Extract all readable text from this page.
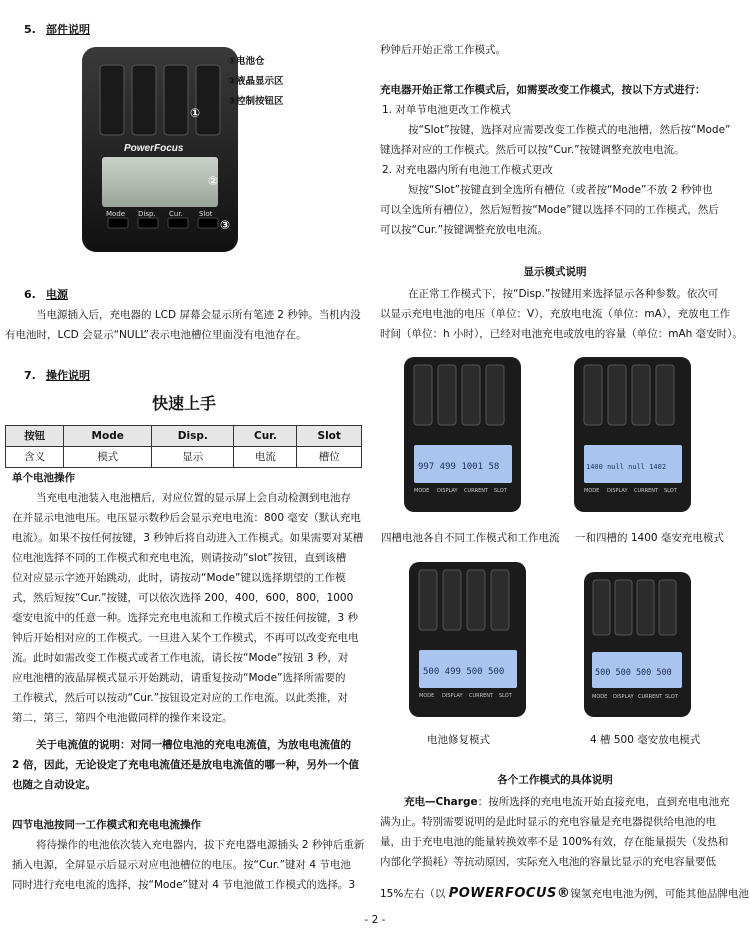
5. 部件说明
PowerFocus
Mode Disp. Cur. Slot
①
②
③
①电池仓
②液晶显示区
③控制按钮区
6. 电源
当电源插入后，充电器的 LCD 屏幕会显示所有笔迹 2 秒钟。当机内没
有电池时，LCD 会显示“NULL”表示电池槽位里面没有电池存在。
7. 操作说明
快速上手
按钮	Mode	Disp.	Cur.	Slot
含义	模式	显示	电流	槽位
单个电池操作
当充电电池装入电池槽后，对应位置的显示屏上会自动检测到电池存
在并显示电池电压。电压显示数秒后会显示充电电流：800 毫安（默认充电
电流）。如果不按任何按键，3 秒钟后将自动进入工作模式。如果需要对某槽
位电池选择不同的工作模式和充电电流，则请按动“slot”按钮，直到该槽
位对应显示字迹开始跳动，此时，请按动“Mode”键以选择期望的工作模
式，然后短按“Cur.”按键，可以依次选择 200，400，600，800，1000
毫安电流中的任意一种。选择完充电电流和工作模式后不按任何按键，3 秒
钟后开始相对应的工作模式。一旦进入某个工作模式，不再可以改变充电电
流。此时如需改变工作模式或者工作电流，请长按“Mode”按钮 3 秒，对
应电池槽的液晶屏模式显示开始跳动，请重复按动“Mode”选择所需要的
工作模式，然后可以按动“Cur.”按钮设定对应的工作电流。以此类推，对
第二，第三，第四个电池做同样的操作来设定。
关于电流值的说明：对同一槽位电池的充电电流值，为放电电流值的
2 倍，因此，无论设定了充电电流值还是放电电流值的哪一种，另外一个值
也随之自动设定。
四节电池按同一工作模式和充电电流操作
将待操作的电池依次装入充电器内，拔下充电器电源插头 2 秒钟后重新
插入电源，全屏显示后显示对应电池槽位的电压。按“Cur.”键对 4 节电池
同时进行充电电流的选择，按“Mode”键对 4 节电池做工作模式的选择。3
秒钟后开始正常工作模式。
充电器开始正常工作模式后，如需要改变工作模式，按以下方式进行：
1. 对单节电池更改工作模式
按“Slot”按键，选择对应需要改变工作模式的电池槽，然后按“Mode”
键选择对应的工作模式。然后可以按“Cur.”按键调整充放电电流。
2. 对充电器内所有电池工作模式更改
短按“Slot”按键直到全选所有槽位（或者按“Mode”不放 2 秒钟也
可以全选所有槽位），然后短暂按“Mode”键以选择不同的工作模式，然后
可以按“Cur.”按键调整充放电电流。
显示模式说明
在正常工作模式下，按“Disp.”按键用来选择显示各种参数。依次可
以显示充电电池的电压（单位：V），充放电电流（单位：mA），充放电工作
时间（单位：h 小时），已经对电池充电或放电的容量（单位：mAh 毫安时）。
997 499 1001 58
MODE DISPLAY CURRENT SLOT
1400 null null 1402
MODE DISPLAY CURRENT SLOT
四槽电池各自不同工作模式和工作电流 一和四槽的 1400 毫安充电模式
500 499 500 500
MODE DISPLAY CURRENT SLOT
500 500 500 500
MODE DISPLAY CURRENT SLOT
电池修复模式	4 槽 500 毫安放电模式
各个工作模式的具体说明
充电—Charge：按所选择的充电电流开始直接充电，直到充电电池充
满为止。特别需要说明的是此时显示的充电容量是充电器提供给电池的电
量，由于充电电池的能量转换效率不是 100%有效，存在能量损失（发热和
内部化学损耗）等抗动原因，实际充入电池的容量比显示的充电容量要低
15%左右（以 POWERFOCUS®镍氢充电电池为例，可能其他品牌电池
- 2 -
